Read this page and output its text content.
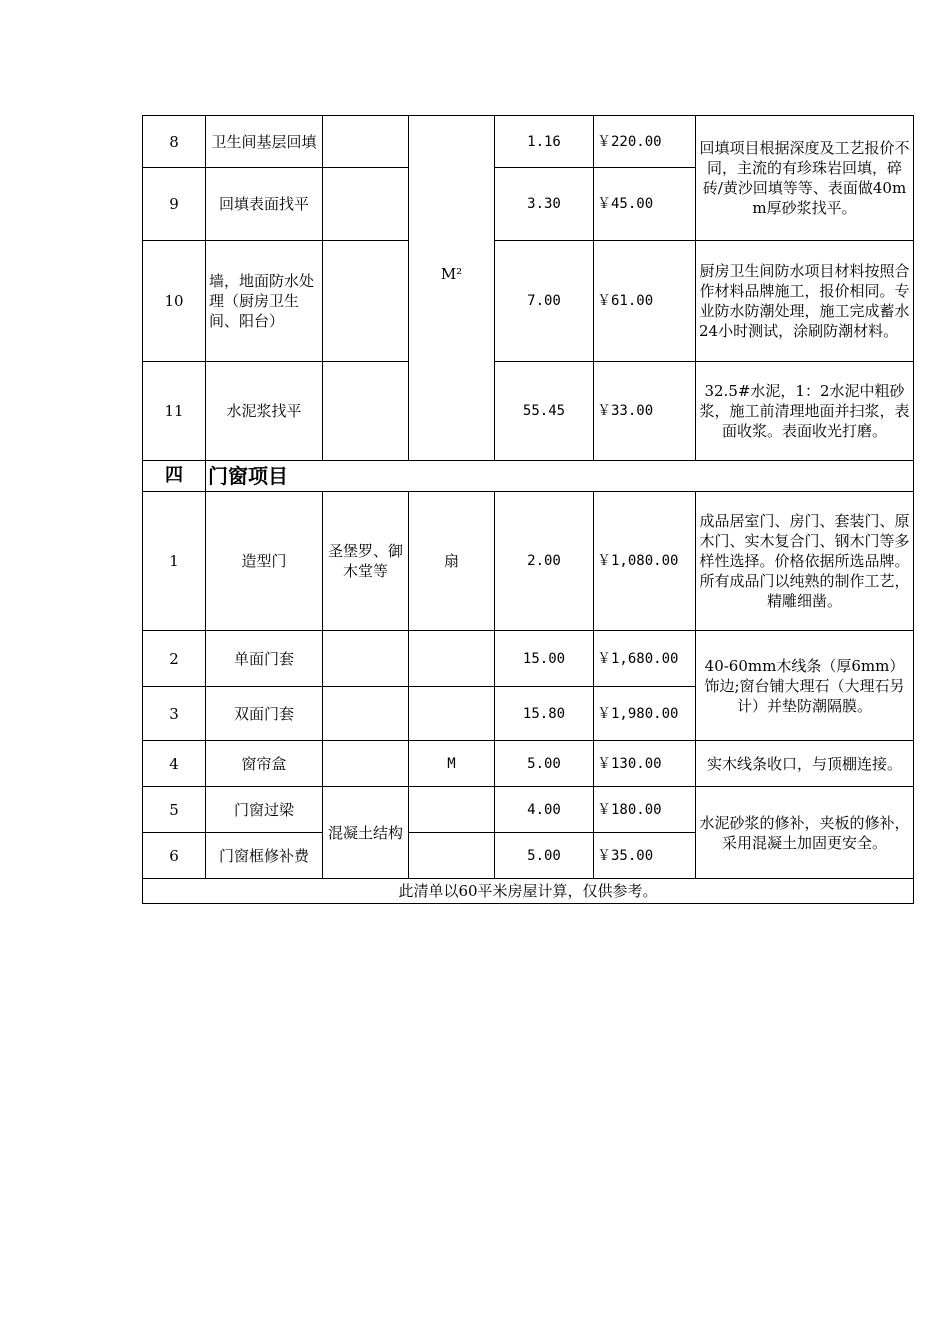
8	卫生间基层回填		M²	1.16	￥220.00	回填项目根据深度及工艺报价不同，主流的有珍珠岩回填，碎砖/黄沙回填等等、表面做40mm厚砂浆找平。
9	回填表面找平			3.30	￥45.00	
10	墙，地面防水处理（厨房卫生间、阳台）			7.00	￥61.00	厨房卫生间防水项目材料按照合作材料品牌施工，报价相同。专业防水防潮处理，施工完成蓄水24小时测试，涂刷防潮材料。
11	水泥浆找平			55.45	￥33.00	32.5#水泥，1：2水泥中粗砂浆，施工前清理地面并扫浆，表面收浆。表面收光打磨。
四	门窗项目					
1	造型门	圣堡罗、御木堂等	扇	2.00	￥1,080.00	成品居室门、房门、套装门、原木门、实木复合门、钢木门等多样性选择。价格依据所选品牌。所有成品门以纯熟的制作工艺，精雕细凿。
2	单面门套			15.00	￥1,680.00	40-60mm木线条（厚6mm）饰边;窗台铺大理石（大理石另计）并垫防潮隔膜。
3	双面门套			15.80	￥1,980.00	
4	窗帘盒		M	5.00	￥130.00	实木线条收口，与顶棚连接。
5	门窗过梁	混凝土结构		4.00	￥180.00	水泥砂浆的修补，夹板的修补，采用混凝土加固更安全。
6	门窗框修补费			5.00	￥35.00	
此清单以60平米房屋计算，仅供参考。						
